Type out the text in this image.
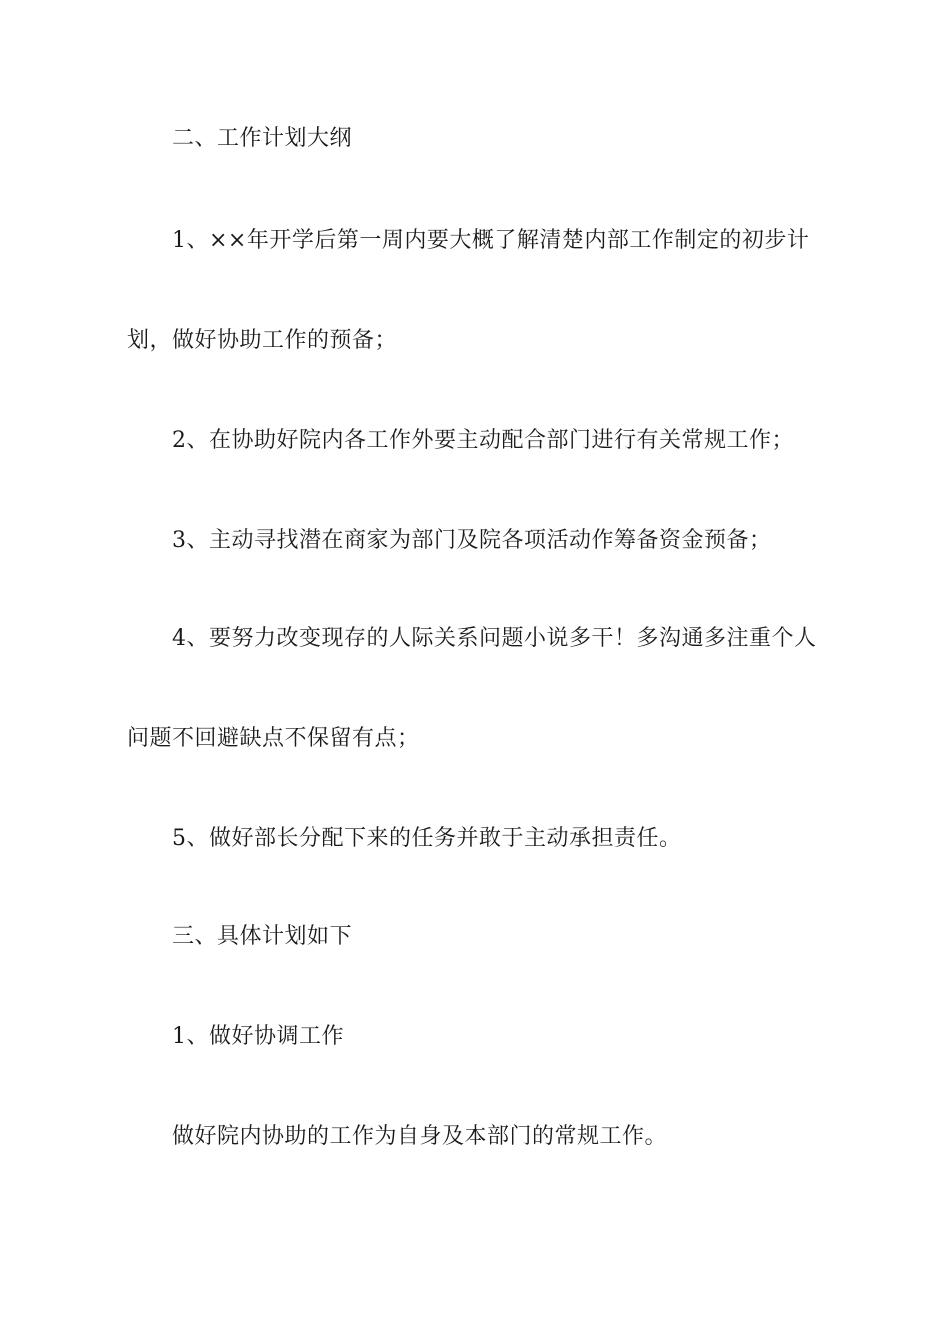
二、工作计划大纲
1、××年开学后第一周内要大概了解清楚内部工作制定的初步计
划，做好协助工作的预备；
2、在协助好院内各工作外要主动配合部门进行有关常规工作；
3、主动寻找潜在商家为部门及院各项活动作筹备资金预备；
4、要努力改变现存的人际关系问题小说多干！多沟通多注重个人
问题不回避缺点不保留有点；
5、做好部长分配下来的任务并敢于主动承担责任。
三、具体计划如下
1、做好协调工作
做好院内协助的工作为自身及本部门的常规工作。
